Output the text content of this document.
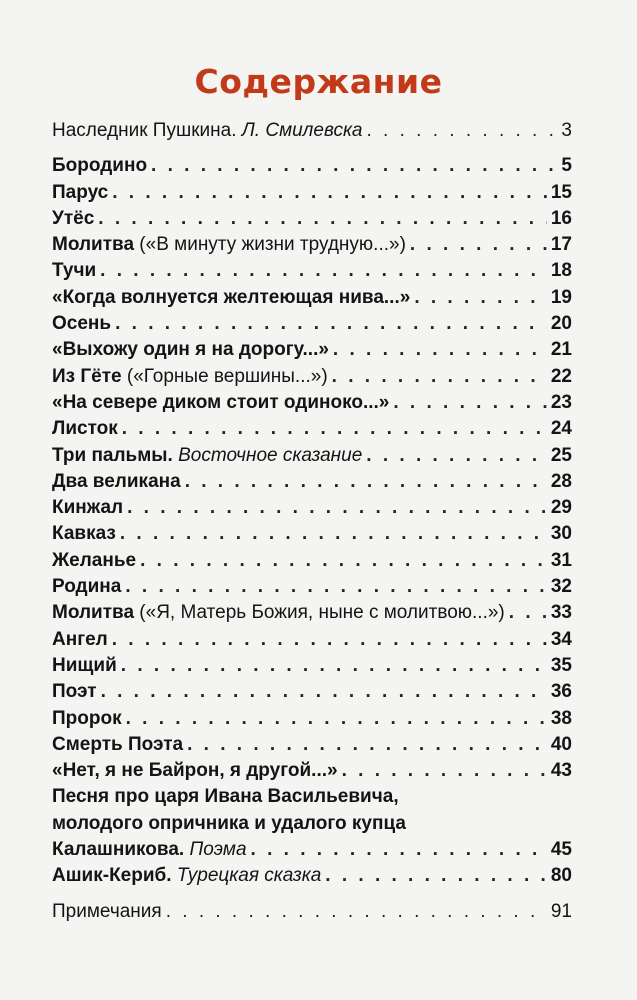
Содержание
Наследник Пушкина. Л. Смилевска . . .	3
Бородино . . .	5
Парус . . .	15
Утёс . . .	16
Молитва («В минуту жизни трудную...») . . .	17
Тучи . . .	18
«Когда волнуется желтеющая нива...» . . .	19
Осень . . .	20
«Выхожу один я на дорогу...» . . .	21
Из Гёте («Горные вершины...») . . .	22
«На севере диком стоит одиноко...» . . .	23
Листок . . .	24
Три пальмы. Восточное сказание . . .	25
Два великана . . .	28
Кинжал . . .	29
Кавказ . . .	30
Желанье . . .	31
Родина . . .	32
Молитва («Я, Матерь Божия, ныне с молитвою...») . . . 33
Ангел . . .	34
Нищий . . .	35
Поэт . . .	36
Пророк . . .	38
Смерть Поэта . . .	40
«Нет, я не Байрон, я другой...» . . .	43
Песня про царя Ивана Васильевича,
молодого опричника и удалого купца
Калашникова. Поэма . . .	45
Ашик-Кериб. Турецкая сказка . . .	80
Примечания . . .	91
